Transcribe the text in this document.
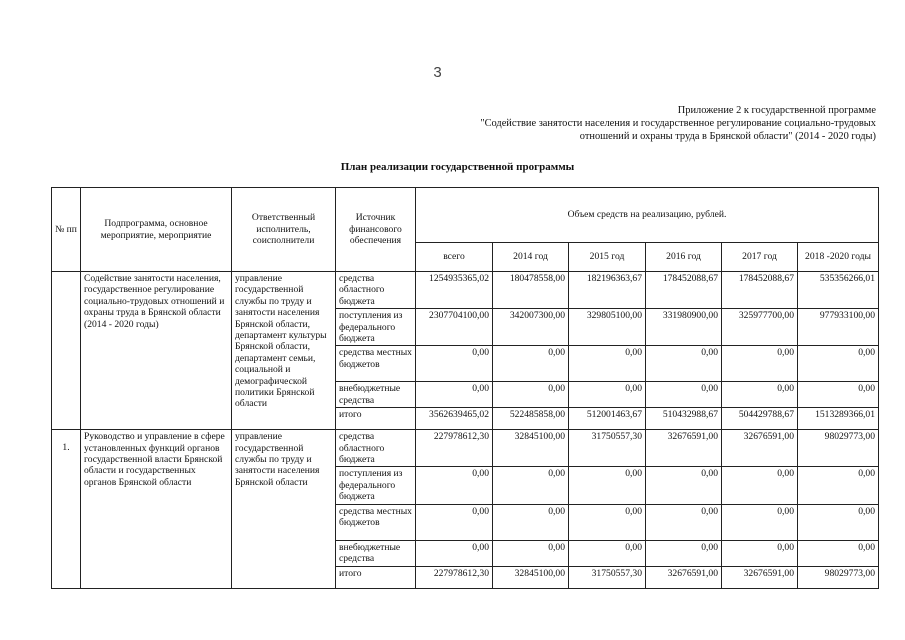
3
Приложение 2 к государственной программе
"Содействие занятости населения и государственное регулирование социально-трудовых
отношений и охраны труда в Брянской области" (2014 - 2020 годы)
План реализации государственной программы
№ пп	Подпрограмма, основное мероприятие, мероприятие	Ответственный исполнитель, соисполнители	Источник финансового обеспечения	Объем средств на реализацию, рублей.					
				всего	2014 год	2015 год	2016 год	2017 год	2018 -2020 годы
	Содействие занятости населения, государственное регулирование социально-трудовых отношений и охраны труда в Брянской области (2014 - 2020 годы)	управление государственной службы по труду и занятости населения Брянской области, департамент культуры Брянской области, департамент семьи, социальной и демографической политики Брянской области	средства областного бюджета	1254935365,02	180478558,00	182196363,67	178452088,67	178452088,67	535356266,01
			поступления из федерального бюджета	2307704100,00	342007300,00	329805100,00	331980900,00	325977700,00	977933100,00
			средства местных бюджетов	0,00	0,00	0,00	0,00	0,00	0,00
			внебюджетные средства	0,00	0,00	0,00	0,00	0,00	0,00
			итого	3562639465,02	522485858,00	512001463,67	510432988,67	504429788,67	1513289366,01
1.	Руководство и управление в сфере установленных функций органов государственной власти Брянской области и государственных органов Брянской области	управление государственной службы по труду и занятости населения Брянской области	средства областного бюджета	227978612,30	32845100,00	31750557,30	32676591,00	32676591,00	98029773,00
			поступления из федерального бюджета	0,00	0,00	0,00	0,00	0,00	0,00
			средства местных бюджетов	0,00	0,00	0,00	0,00	0,00	0,00
			внебюджетные средства	0,00	0,00	0,00	0,00	0,00	0,00
			итого	227978612,30	32845100,00	31750557,30	32676591,00	32676591,00	98029773,00
